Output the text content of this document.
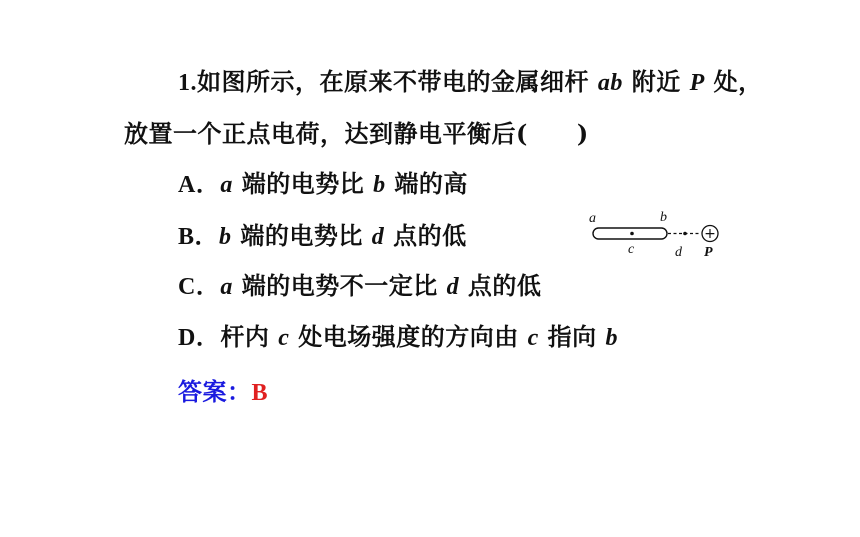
1.如图所示，在原来不带电的金属细杆 ab 附近 P 处，
放置一个正点电荷，达到静电平衡后(　　)
A．a 端的电势比 b 端的高
B．b 端的电势比 d 点的低
C．a 端的电势不一定比 d 点的低
D．杆内 c 处电场强度的方向由 c 指向 b
答案：B
a	b
c	d
+
P
